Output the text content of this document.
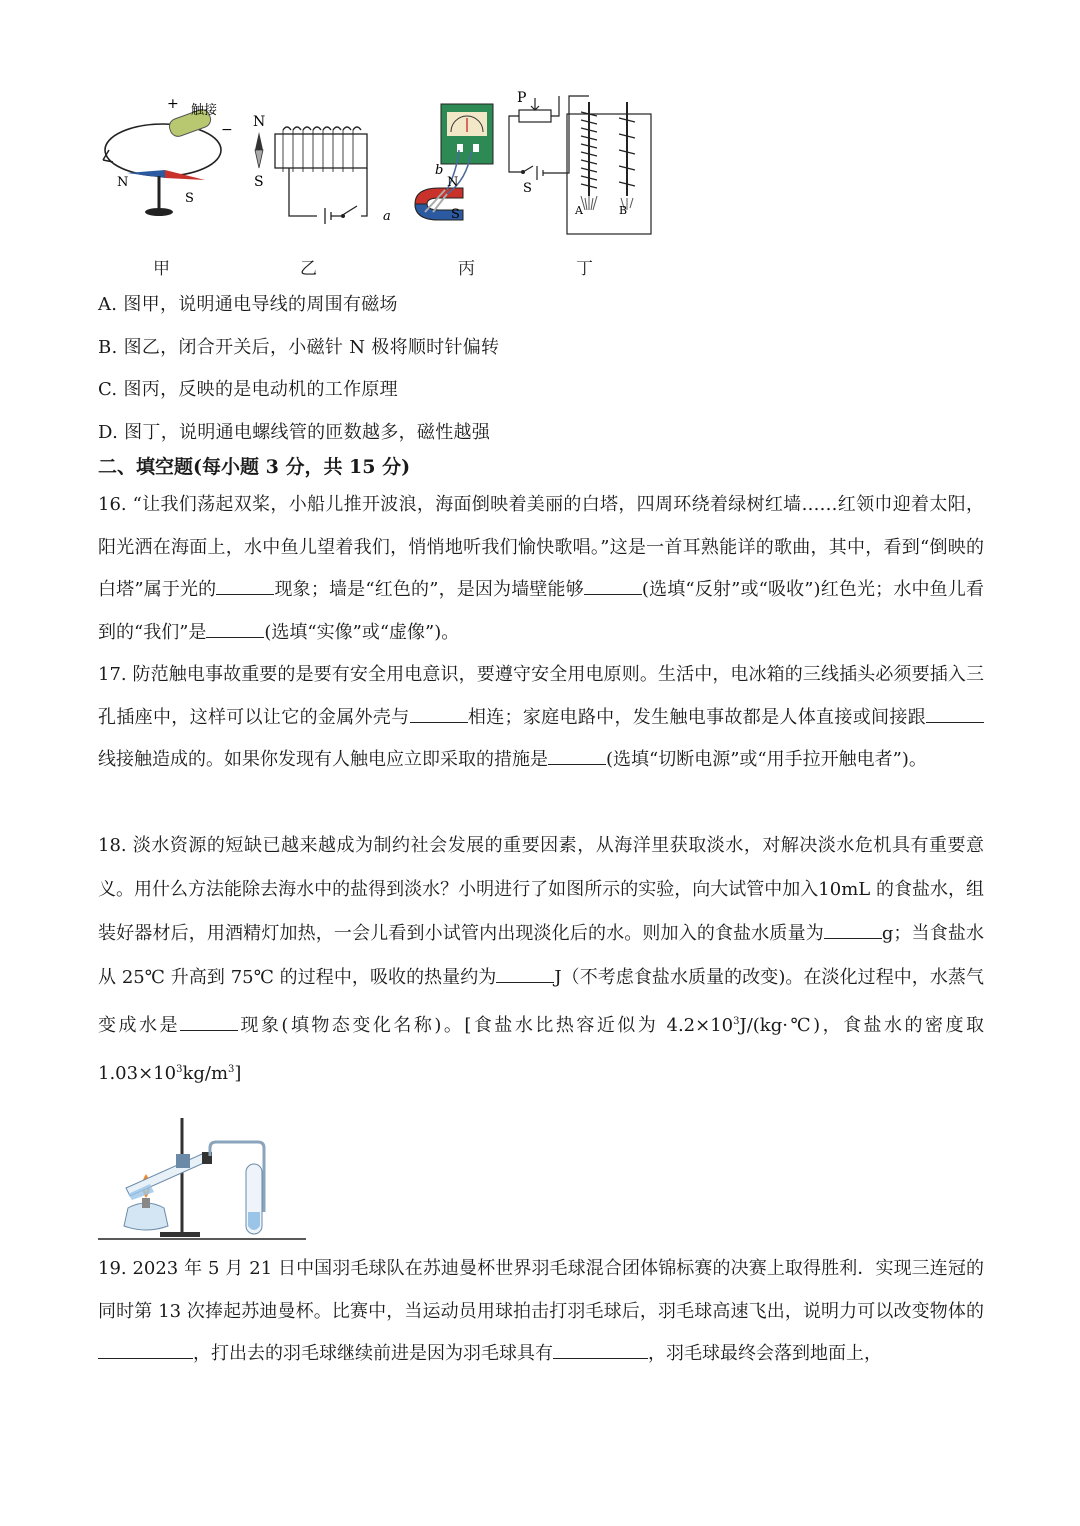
+ 触接
−
N
S
N
S	N
S
a
b
P
S
A	B
甲	乙	丙	丁
A. 图甲，说明通电导线的周围有磁场
B. 图乙，闭合开关后，小磁针 N 极将顺时针偏转
C. 图丙，反映的是电动机的工作原理
D. 图丁，说明通电螺线管的匝数越多，磁性越强
二、填空题(每小题 3 分，共 15 分)
16. “让我们荡起双桨，小船儿推开波浪，海面倒映着美丽的白塔，四周环绕着绿树红墙……红领巾迎着太阳，阳光洒在海面上，水中鱼儿望着我们，悄悄地听我们愉快歌唱。”这是一首耳熟能详的歌曲，其中，看到“倒映的白塔”属于光的	现象；墙是“红色的”，是因为墙壁能够	(选填“反射”或“吸收”)红色光；水中鱼儿看到的“我们”是	(选填“实像”或“虚像”)。
17. 防范触电事故重要的是要有安全用电意识，要遵守安全用电原则。生活中，电冰箱的三线插头必须要插入三孔插座中，这样可以让它的金属外壳与	相连；家庭电路中，发生触电事故都是人体直接或间接跟线接触造成的。如果你发现有人触电应立即采取的措施是	(选填“切断电源”或“用手拉开触电者”)。
18. 淡水资源的短缺已越来越成为制约社会发展的重要因素，从海洋里获取淡水，对解决淡水危机具有重要意义。用什么方法能除去海水中的盐得到淡水？小明进行了如图所示的实验，向大试管中加入10mL 的食盐水，组装好器材后，用酒精灯加热，一会儿看到小试管内出现淡化后的水。则加入的食盐水质量为	g；当食盐水从 25℃ 升高到 75℃ 的过程中，吸收的热量约为	J（不考虑食盐水质量的改变)。在淡化过程中，水蒸气变成水是	现象(填物态变化名称)。[食盐水比热容近似为 $4.2\times 10^3J/(kg\cdot℃)$，食盐水的密度取 $1.03\times 10^3kg/m^3$]
19. 2023 年 5 月 21 日中国羽毛球队在苏迪曼杯世界羽毛球混合团体锦标赛的决赛上取得胜利．实现三连冠的同时第 13 次捧起苏迪曼杯。比赛中，当运动员用球拍击打羽毛球后，羽毛球高速飞出，说明力可以改变物体的，打出去的羽毛球继续前进是因为羽毛球具有	，羽毛球最终会落到地面上，
